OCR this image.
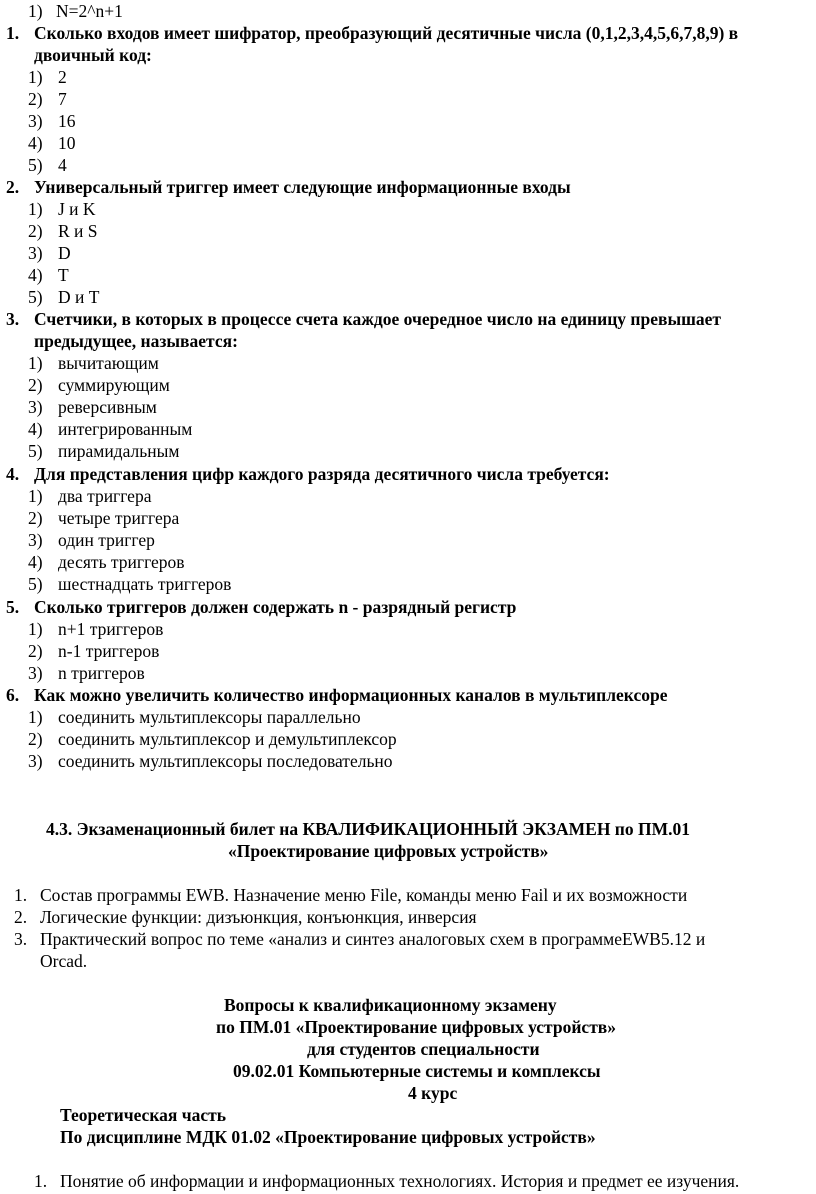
1) N=2^n+1
1. Сколько входов имеет шифратор, преобразующий десятичные числа (0,1,2,3,4,5,6,7,8,9) в
двоичный код:
1) 2
2) 7
3) 16
4) 10
5) 4
2. Универсальный триггер имеет следующие информационные входы
1) J и K
2) R и S
3) D
4) T
5) D и T
3. Счетчики, в которых в процессе счета каждое очередное число на единицу превышает
предыдущее, называется:
1) вычитающим
2) суммирующим
3) реверсивным
4) интегрированным
5) пирамидальным
4. Для представления цифр каждого разряда десятичного числа требуется:
1) два триггера
2) четыре триггера
3) один триггер
4) десять триггеров
5) шестнадцать триггеров
5. Сколько триггеров должен содержать n - разрядный регистр
1) n+1 триггеров
2) n-1 триггеров
3) n триггеров
6. Как можно увеличить количество информационных каналов в мультиплексоре
1) соединить мультиплексоры параллельно
2) соединить мультиплексор и демультиплексор
3) соединить мультиплексоры последовательно
4.3. Экзаменационный билет на КВАЛИФИКАЦИОННЫЙ ЭКЗАМЕН по ПМ.01
«Проектирование цифровых устройств»
1. Состав программы EWB. Назначение меню File, команды меню Fail и их возможности
2. Логические функции: дизъюнкция, конъюнкция, инверсия
3. Практический вопрос по теме «анализ и синтез аналоговых схем в программеEWB5.12 и
Orcad.
Вопросы к квалификационному экзамену
по ПМ.01 «Проектирование цифровых устройств»
для студентов специальности
09.02.01 Компьютерные системы и комплексы
4 курс
Теоретическая часть
По дисциплине МДК 01.02 «Проектирование цифровых устройств»
1. Понятие об информации и информационных технологиях. История и предмет ее изучения.
